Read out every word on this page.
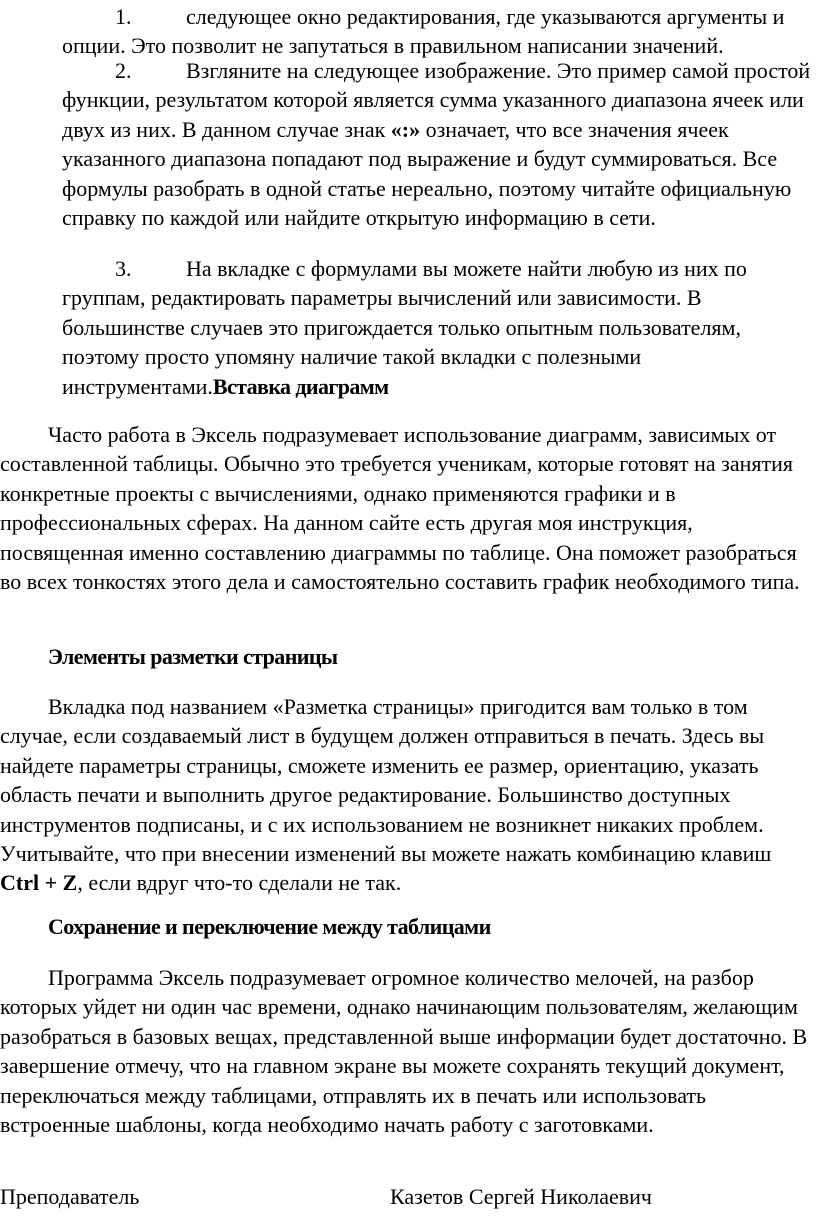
1.	следующее окно редактирования, где указываются аргументы и опции. Это позволит не запутаться в правильном написании значений.
2.	Взгляните на следующее изображение. Это пример самой простой функции, результатом которой является сумма указанного диапазона ячеек или двух из них. В данном случае знак «:» означает, что все значения ячеек указанного диапазона попадают под выражение и будут суммироваться. Все формулы разобрать в одной статье нереально, поэтому читайте официальную справку по каждой или найдите открытую информацию в сети.
3.	На вкладке с формулами вы можете найти любую из них по группам, редактировать параметры вычислений или зависимости. В большинстве случаев это пригождается только опытным пользователям, поэтому просто упомяну наличие такой вкладки с полезными инструментами.Вставка диаграмм
Часто работа в Эксель подразумевает использование диаграмм, зависимых от составленной таблицы. Обычно это требуется ученикам, которые готовят на занятия конкретные проекты с вычислениями, однако применяются графики и в профессиональных сферах. На данном сайте есть другая моя инструкция, посвященная именно составлению диаграммы по таблице. Она поможет разобраться во всех тонкостях этого дела и самостоятельно составить график необходимого типа.
Элементы разметки страницы
Вкладка под названием «Разметка страницы» пригодится вам только в том случае, если создаваемый лист в будущем должен отправиться в печать. Здесь вы найдете параметры страницы, сможете изменить ее размер, ориентацию, указать область печати и выполнить другое редактирование. Большинство доступных инструментов подписаны, и с их использованием не возникнет никаких проблем. Учитывайте, что при внесении изменений вы можете нажать комбинацию клавиш Ctrl + Z, если вдруг что-то сделали не так.
Сохранение и переключение между таблицами
Программа Эксель подразумевает огромное количество мелочей, на разбор которых уйдет ни один час времени, однако начинающим пользователям, желающим разобраться в базовых вещах, представленной выше информации будет достаточно. В завершение отмечу, что на главном экране вы можете сохранять текущий документ, переключаться между таблицами, отправлять их в печать или использовать встроенные шаблоны, когда необходимо начать работу с заготовками.
Преподаватель	Казетов Сергей Николаевич
